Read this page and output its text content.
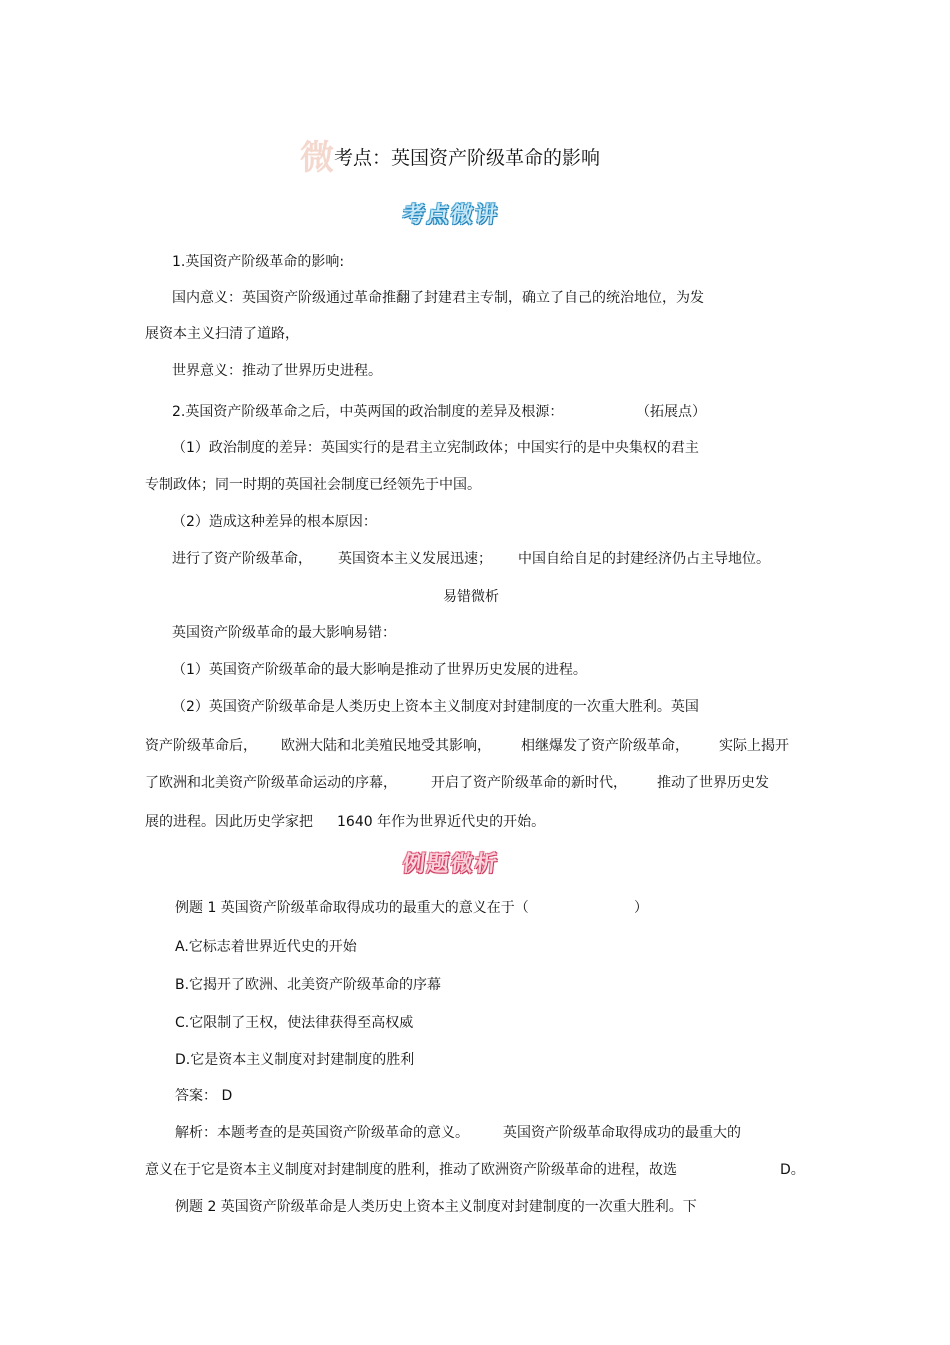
微考点：英国资产阶级革命的影响
考点微讲
1.英国资产阶级革命的影响:
国内意义：英国资产阶级通过革命推翻了封建君主专制，确立了自己的统治地位，为发
展资本主义扫清了道路，
世界意义：推动了世界历史进程。
2.英国资产阶级革命之后，中英两国的政治制度的差异及根源：	（拓展点）
（1）政治制度的差异：英国实行的是君主立宪制政体；中国实行的是中央集权的君主
专制政体；同一时期的英国社会制度已经领先于中国。
（2）造成这种差异的根本原因：
进行了资产阶级革命， 英国资本主义发展迅速； 中国自给自足的封建经济仍占主导地位。
易错微析
英国资产阶级革命的最大影响易错：
（1）英国资产阶级革命的最大影响是推动了世界历史发展的进程。
（2）英国资产阶级革命是人类历史上资本主义制度对封建制度的一次重大胜利。英国
资产阶级革命后， 欧洲大陆和北美殖民地受其影响， 相继爆发了资产阶级革命， 实际上揭开
了欧洲和北美资产阶级革命运动的序幕， 开启了资产阶级革命的新时代， 推动了世界历史发
展的进程。因此历史学家把 1640 年作为世界近代史的开始。
例题微析
例题 1 英国资产阶级革命取得成功的最重大的意义在于（	）
A.它标志着世界近代史的开始
B.它揭开了欧洲、北美资产阶级革命的序幕
C.它限制了王权，使法律获得至高权威
D.它是资本主义制度对封建制度的胜利
答案： D
解析：本题考查的是英国资产阶级革命的意义。 英国资产阶级革命取得成功的最重大的
意义在于它是资本主义制度对封建制度的胜利，推动了欧洲资产阶级革命的进程，故选	D。
例题 2 英国资产阶级革命是人类历史上资本主义制度对封建制度的一次重大胜利。下
